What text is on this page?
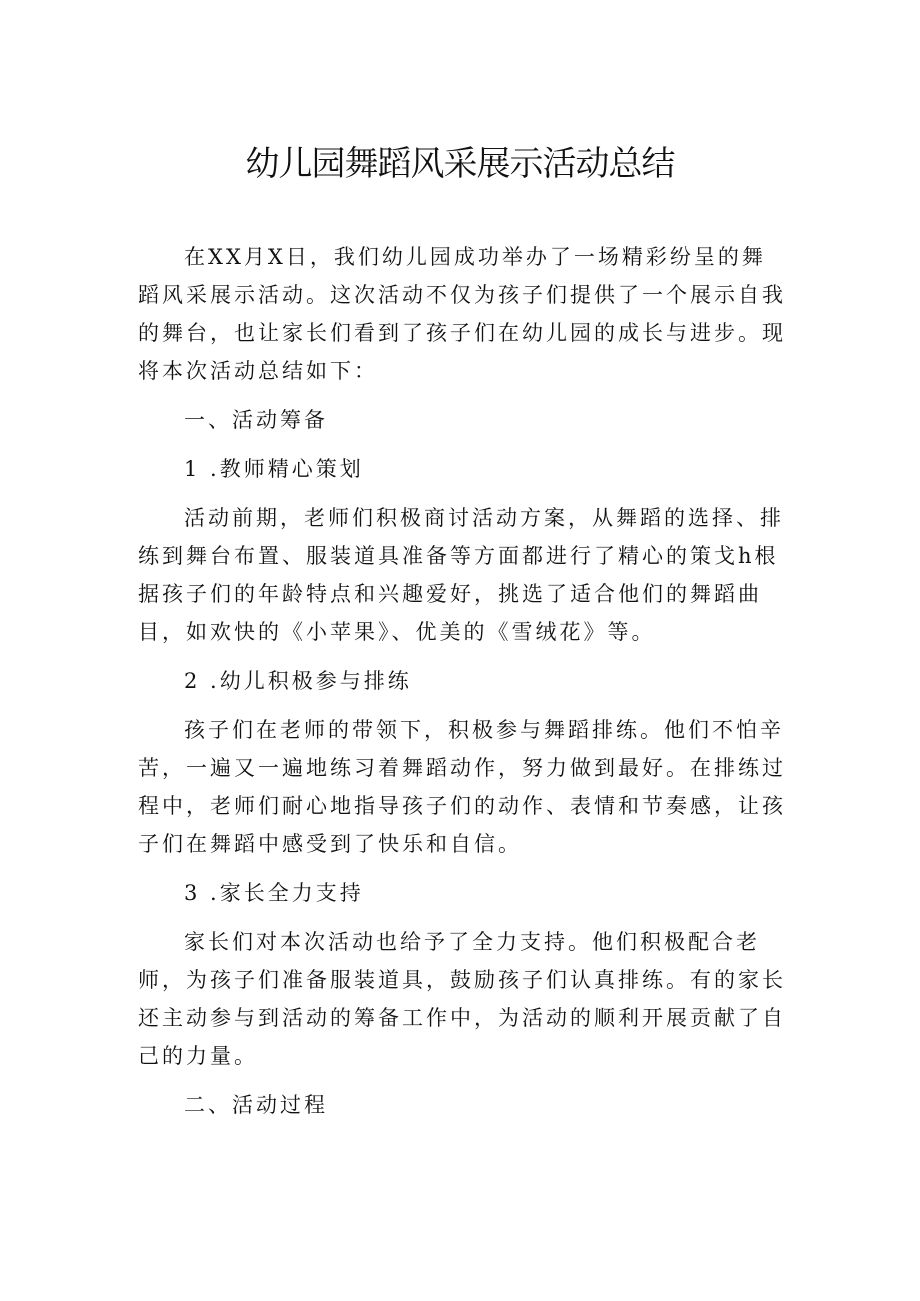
幼儿园舞蹈风采展示活动总结

在XX月X日，我们幼儿园成功举办了一场精彩纷呈的舞蹈风采展示活动。这次活动不仅为孩子们提供了一个展示自我的舞台，也让家长们看到了孩子们在幼儿园的成长与进步。现将本次活动总结如下：

一、活动筹备

1 .教师精心策划

活动前期，老师们积极商讨活动方案，从舞蹈的选择、排练到舞台布置、服装道具准备等方面都进行了精心的策戈h根据孩子们的年龄特点和兴趣爱好，挑选了适合他们的舞蹈曲目，如欢快的《小苹果》、优美的《雪绒花》等。

2 .幼儿积极参与排练

孩子们在老师的带领下，积极参与舞蹈排练。他们不怕辛苦，一遍又一遍地练习着舞蹈动作，努力做到最好。在排练过程中，老师们耐心地指导孩子们的动作、表情和节奏感，让孩子们在舞蹈中感受到了快乐和自信。

3 .家长全力支持

家长们对本次活动也给予了全力支持。他们积极配合老师，为孩子们准备服装道具，鼓励孩子们认真排练。有的家长还主动参与到活动的筹备工作中，为活动的顺利开展贡献了自己的力量。

二、活动过程
